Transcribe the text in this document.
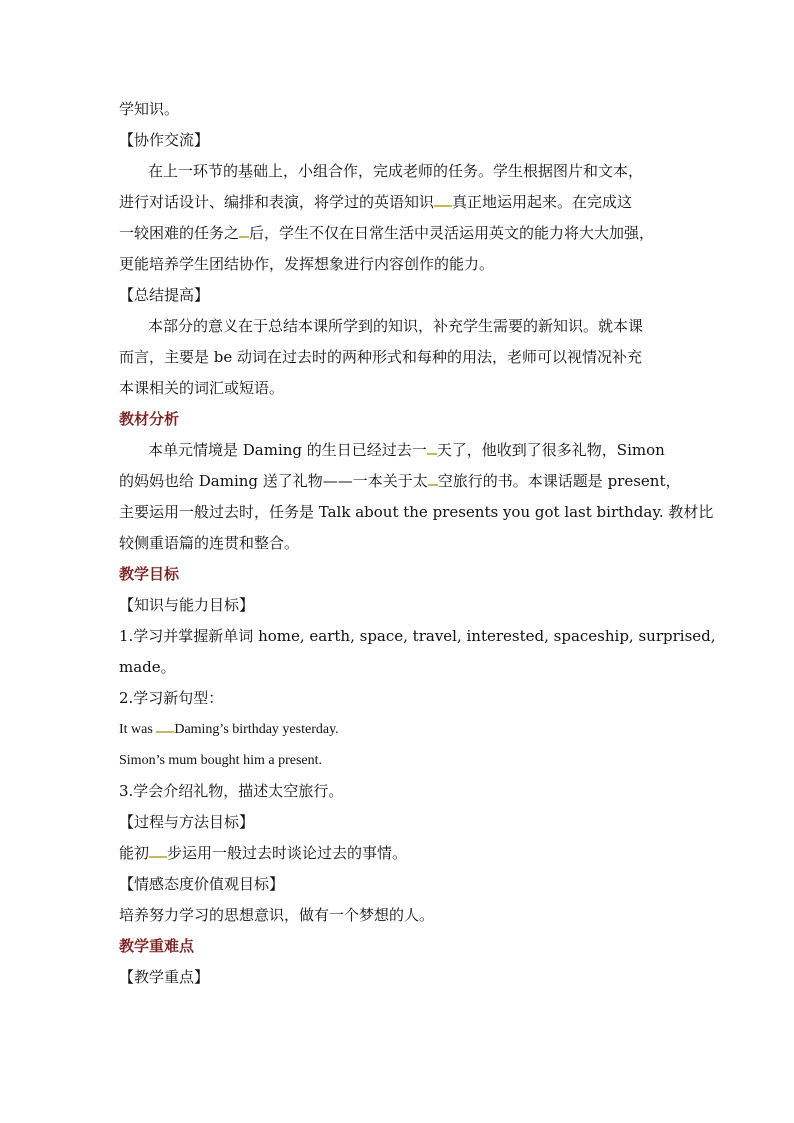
学知识。

【协作交流】

在上一环节的基础上，小组合作，完成老师的任务。学生根据图片和文本，

进行对话设计、编排和表演，将学过的英语知识 真正地运用起来。在完成这

一较困难的任务之 后，学生不仅在日常生活中灵活运用英文的能力将大大加强，

更能培养学生团结协作，发挥想象进行内容创作的能力。

【总结提高】

本部分的意义在于总结本课所学到的知识，补充学生需要的新知识。就本课

而言，主要是 be 动词在过去时的两种形式和每种的用法，老师可以视情况补充

本课相关的词汇或短语。

教材分析

本单元情境是 Daming 的生日已经过去一 天了，他收到了很多礼物，Simon

的妈妈也给 Daming 送了礼物——一本关于太 空旅行的书。本课话题是 present，

主要运用一般过去时，任务是 Talk about the presents you got last birthday. 教材比

较侧重语篇的连贯和整合。

教学目标

【知识与能力目标】

1.学习并掌握新单词 home, earth, space, travel, interested, spaceship, surprised,

made。

2.学习新句型：

It was Daming’s birthday yesterday.

Simon’s mum bought him a present.

3.学会介绍礼物，描述太空旅行。

【过程与方法目标】

能初 步运用一般过去时谈论过去的事情。

【情感态度价值观目标】

培养努力学习的思想意识，做有一个梦想的人。

教学重难点

【教学重点】
